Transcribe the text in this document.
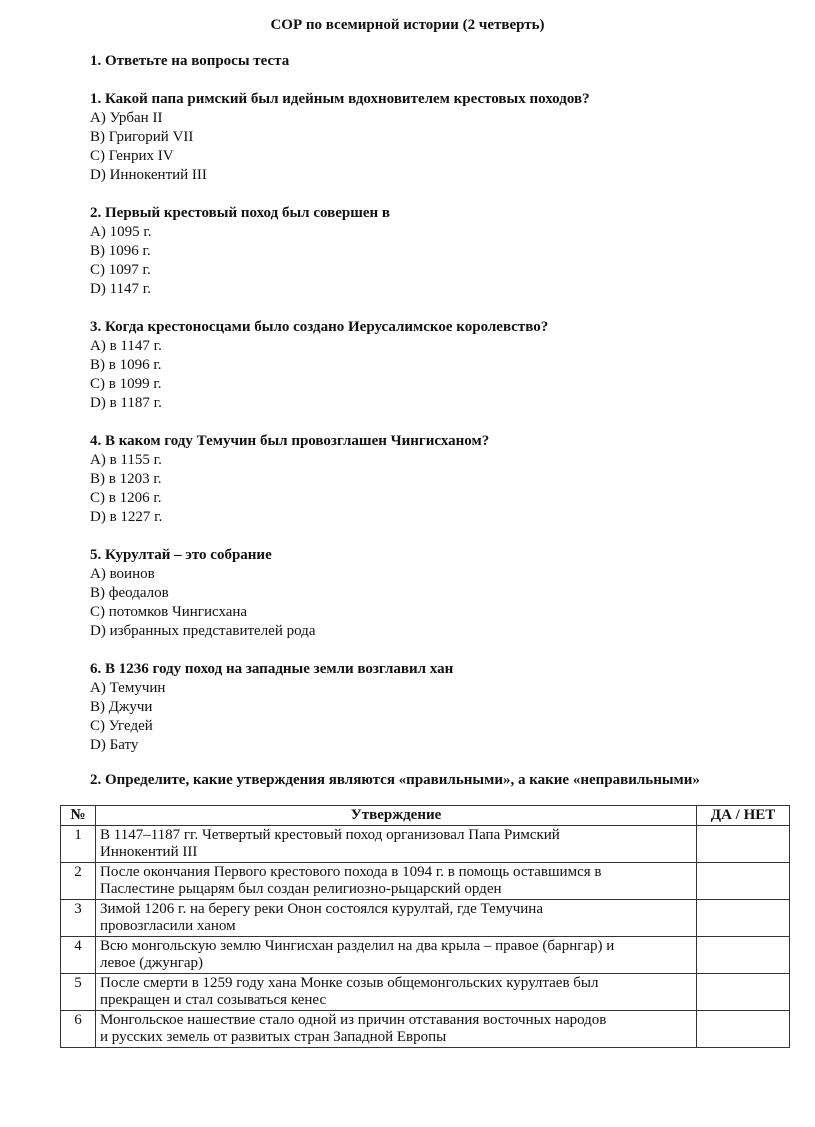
СОР по всемирной истории (2 четверть)
1. Ответьте на вопросы теста
1. Какой папа римский был идейным вдохновителем крестовых походов?
A) Урбан II
B) Григорий VII
C) Генрих IV
D) Иннокентий III
2. Первый крестовый поход был совершен в
A) 1095 г.
B) 1096 г.
C) 1097 г.
D) 1147 г.
3. Когда крестоносцами было создано Иерусалимское королевство?
A) в 1147 г.
B) в 1096 г.
C) в 1099 г.
D) в 1187 г.
4. В каком году Темучин был провозглашен Чингисханом?
A) в 1155 г.
B) в 1203 г.
C) в 1206 г.
D) в 1227 г.
5. Курултай – это собрание
A) воинов
B) феодалов
C) потомков Чингисхана
D) избранных представителей рода
6. В 1236 году поход на западные земли возглавил хан
A) Темучин
B) Джучи
C) Угедей
D) Бату
2. Определите, какие утверждения являются «правильными», а какие «неправильными»
№	Утверждение	ДА / НЕТ
1	В 1147–1187 гг. Четвертый крестовый поход организовал Папа Римский
Иннокентий III	

2	После окончания Первого крестового похода в 1094 г. в помощь оставшимся в
Паслестине рыцарям был создан религиозно-рыцарский орден	

3	Зимой 1206 г. на берегу реки Онон состоялся курултай, где Темучина
провозгласили ханом	

4	Всю монгольскую землю Чингисхан разделил на два крыла – правое (барнгар) и
левое (джунгар)	

5	После смерти в 1259 году хана Монке созыв общемонгольских курултаев был
прекращен и стал созываться кенес	

6	Монгольское нашествие стало одной из причин отставания восточных народов
и русских земель от развитых стран Западной Европы	
